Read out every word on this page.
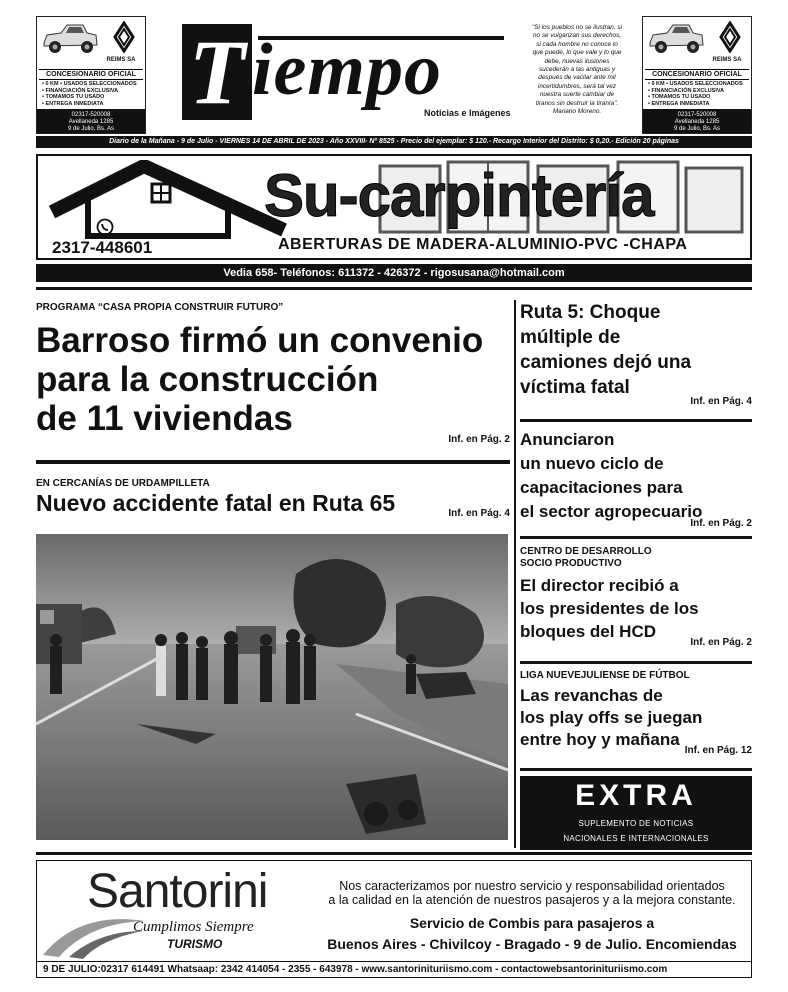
REIMS SA
CONCESIONARIO OFICIAL
• 0 KM • USADOS SELECCIONADOS
• FINANCIACIÓN EXCLUSIVA
• TOMAMOS TU USADO
• ENTREGA INMEDIATA
02317-520008
Avellaneda 1285
9 de Julio, Bs. As
REIMS SA
CONCESIONARIO OFICIAL
• 0 KM • USADOS SELECCIONADOS
• FINANCIACIÓN EXCLUSIVA
• TOMAMOS TU USADO
• ENTREGA INMEDIATA
02317-520008
Avellaneda 1285
9 de Julio, Bs. As
T iempo
Noticias e Imágenes
"Si los pueblos no se ilustran, si no se vulgarizan sus derechos, si cada hombre no conoce lo que puede, lo que vale y lo que debe, nuevas ilusiones sucederán a las antiguas y después de vacilar ante mil incertidumbres, será tal vez nuestra suerte cambiar de tiranos sin destruir la tiranía". Mariano Moreno.
Diario de la Mañana - 9 de Julio - VIERNES 14 DE ABRIL DE 2023 - Año XXVIII- Nº 8525 - Precio del ejemplar: $ 120.- Recargo Interior del Distrito: $ 0,20.- Edición 20 páginas
Su-carpintería
2317-448601	ABERTURAS DE MADERA-ALUMINIO-PVC -CHAPA
Vedia 658- Teléfonos: 611372 - 426372 - rigosusana@hotmail.com
PROGRAMA “CASA PROPIA CONSTRUIR FUTURO”
Barroso firmó un convenio
para la construcción
de 11 viviendas
Inf. en Pág. 2
EN CERCANÍAS DE URDAMPILLETA
Nuevo accidente fatal en Ruta 65	Inf. en Pág. 4
Ruta 5: Choque
múltiple de
camiones dejó una
víctima fatal
Inf. en Pág. 4
Anunciaron
un nuevo ciclo de
capacitaciones para
el sector agropecuario
Inf. en Pág. 2
CENTRO DE DESARROLLO
SOCIO PRODUCTIVO
El director recibió a
los presidentes de los
bloques del HCD
Inf. en Pág. 2
LIGA NUEVEJULIENSE DE FÚTBOL
Las revanchas de
los play offs se juegan
entre hoy y mañana
Inf. en Pág. 12
EXTRA
SUPLEMENTO DE NOTICIAS
NACIONALES E INTERNACIONALES
Santorini
Cumplimos Siempre
TURISMO
Nos caracterizamos por nuestro servicio y responsabilidad orientados
a la calidad en la atención de nuestros pasajeros y a la mejora constante.
Servicio de Combis para pasajeros a
Buenos Aires - Chivilcoy - Bragado - 9 de Julio. Encomiendas
9 DE JULIO:02317 614491 Whatsaap: 2342 414054 - 2355 - 643978 - www.santorinituriismo.com - contactowebsantorinituriismo.com
